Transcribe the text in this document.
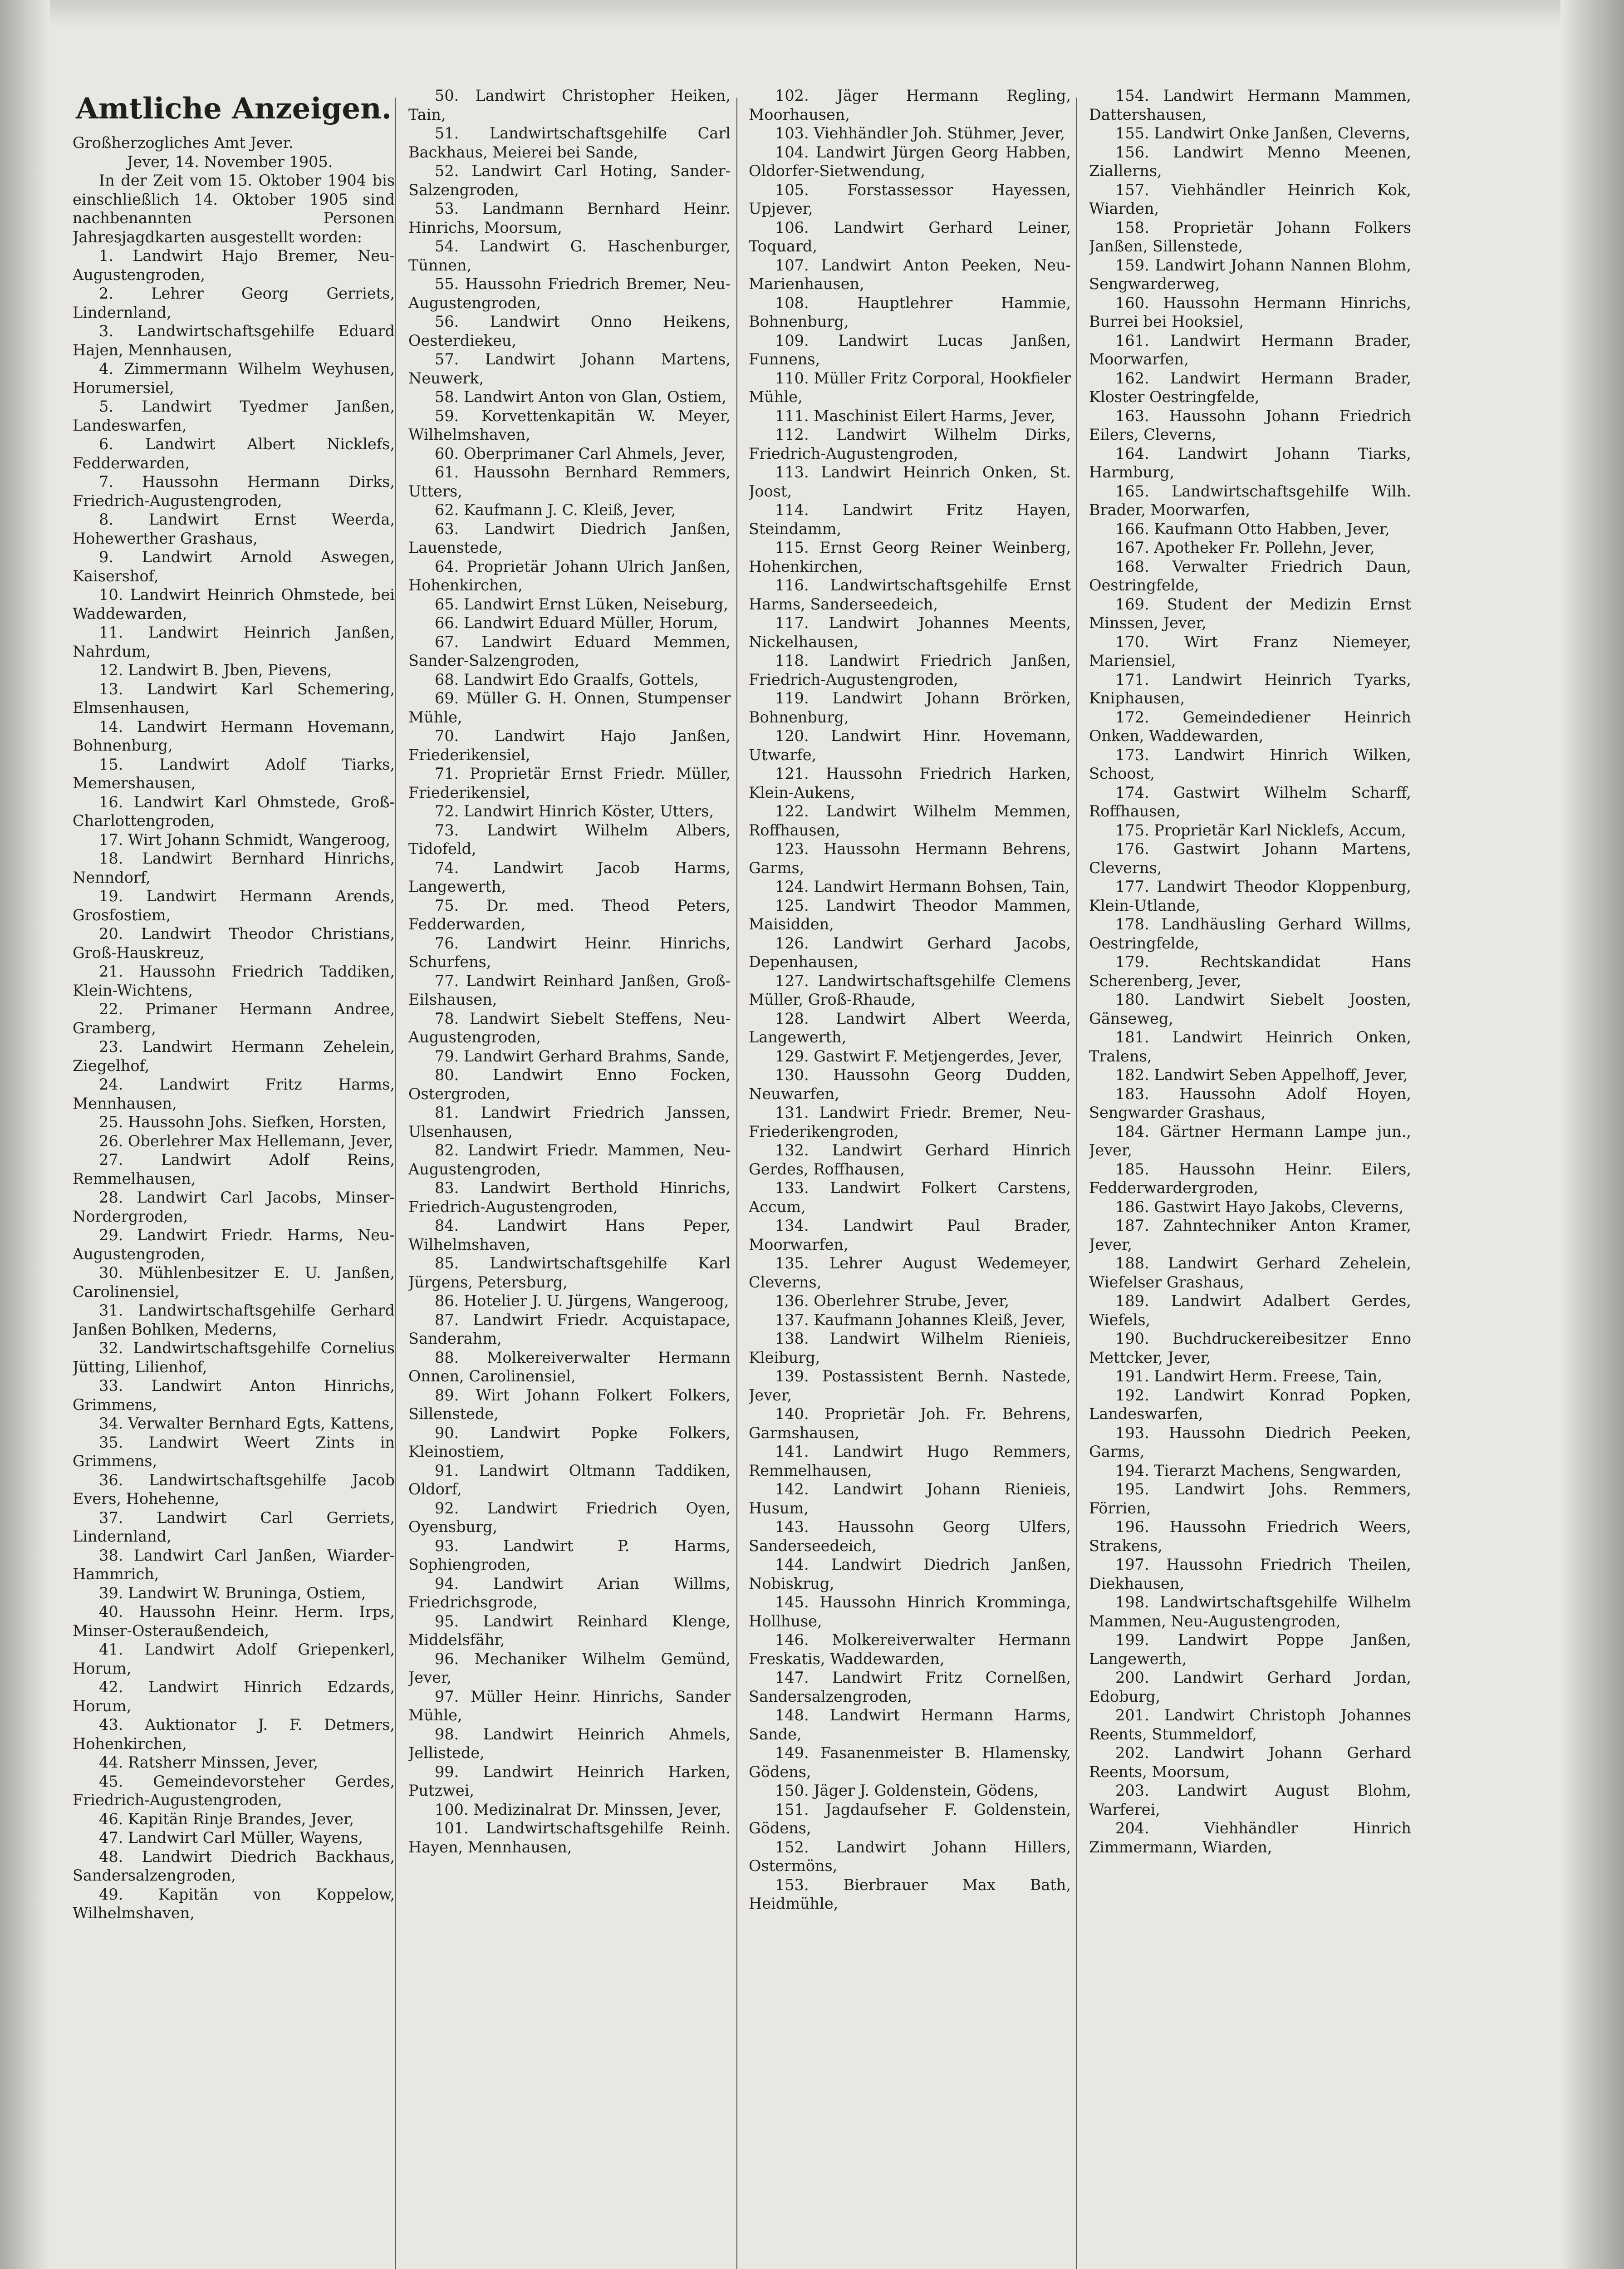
Amtliche Anzeigen.

Großherzogliches Amt Jever.

Jever, 14. November 1905.

In der Zeit vom 15. Oktober 1904 bis einschließlich 14. Oktober 1905 sind nachbenannten Personen Jahresjagdkarten ausgestellt worden:

1. Landwirt Hajo Bremer, Neu-Augustengroden,

2. Lehrer Georg Gerriets, Lindernland,

3. Landwirtschaftsgehilfe Eduard Hajen, Mennhausen,

4. Zimmermann Wilhelm Weyhusen, Horumersiel,

5. Landwirt Tyedmer Janßen, Landeswarfen,

6. Landwirt Albert Nicklefs, Fedderwarden,

7. Haussohn Hermann Dirks, Friedrich-Augustengroden,

8. Landwirt Ernst Weerda, Hohewerther Grashaus,

9. Landwirt Arnold Aswegen, Kaisershof,

10. Landwirt Heinrich Ohmstede, bei Waddewarden,

11. Landwirt Heinrich Janßen, Nahrdum,

12. Landwirt B. Jben, Pievens,

13. Landwirt Karl Schemering, Elmsenhausen,

14. Landwirt Hermann Hovemann, Bohnenburg,

15. Landwirt Adolf Tiarks, Memershausen,

16. Landwirt Karl Ohmstede, Groß-Charlottengroden,

17. Wirt Johann Schmidt, Wangeroog,

18. Landwirt Bernhard Hinrichs, Nenndorf,

19. Landwirt Hermann Arends, Grosfostiem,

20. Landwirt Theodor Christians, Groß-Hauskreuz,

21. Haussohn Friedrich Taddiken, Klein-Wichtens,

22. Primaner Hermann Andree, Gramberg,

23. Landwirt Hermann Zehelein, Ziegelhof,

24. Landwirt Fritz Harms, Mennhausen,

25. Haussohn Johs. Siefken, Horsten,

26. Oberlehrer Max Hellemann, Jever,

27. Landwirt Adolf Reins, Remmelhausen,

28. Landwirt Carl Jacobs, Minser-Nordergroden,

29. Landwirt Friedr. Harms, Neu-Augustengroden,

30. Mühlenbesitzer E. U. Janßen, Carolinensiel,

31. Landwirtschaftsgehilfe Gerhard Janßen Bohlken, Mederns,

32. Landwirtschaftsgehilfe Cornelius Jütting, Lilienhof,

33. Landwirt Anton Hinrichs, Grimmens,

34. Verwalter Bernhard Egts, Kattens,

35. Landwirt Weert Zints in Grimmens,

36. Landwirtschaftsgehilfe Jacob Evers, Hohehenne,

37. Landwirt Carl Gerriets, Lindernland,

38. Landwirt Carl Janßen, Wiarder-Hammrich,

39. Landwirt W. Bruninga, Ostiem,

40. Haussohn Heinr. Herm. Irps, Minser-Osteraußendeich,

41. Landwirt Adolf Griepenkerl, Horum,

42. Landwirt Hinrich Edzards, Horum,

43. Auktionator J. F. Detmers, Hohenkirchen,

44. Ratsherr Minssen, Jever,

45. Gemeindevorsteher Gerdes, Friedrich-Augustengroden,

46. Kapitän Rinje Brandes, Jever,

47. Landwirt Carl Müller, Wayens,

48. Landwirt Diedrich Backhaus, Sandersalzengroden,

49. Kapitän von Koppelow, Wilhelmshaven,

50. Landwirt Christopher Heiken, Tain,

51. Landwirtschaftsgehilfe Carl Backhaus, Meierei bei Sande,

52. Landwirt Carl Hoting, Sander-Salzengroden,

53. Landmann Bernhard Heinr. Hinrichs, Moorsum,

54. Landwirt G. Haschenburger, Tünnen,

55. Haussohn Friedrich Bremer, Neu-Augustengroden,

56. Landwirt Onno Heikens, Oesterdiekeu,

57. Landwirt Johann Martens, Neuwerk,

58. Landwirt Anton von Glan, Ostiem,

59. Korvettenkapitän W. Meyer, Wilhelmshaven,

60. Oberprimaner Carl Ahmels, Jever,

61. Haussohn Bernhard Remmers, Utters,

62. Kaufmann J. C. Kleiß, Jever,

63. Landwirt Diedrich Janßen, Lauenstede,

64. Proprietär Johann Ulrich Janßen, Hohenkirchen,

65. Landwirt Ernst Lüken, Neiseburg,

66. Landwirt Eduard Müller, Horum,

67. Landwirt Eduard Memmen, Sander-Salzengroden,

68. Landwirt Edo Graalfs, Gottels,

69. Müller G. H. Onnen, Stumpenser Mühle,

70. Landwirt Hajo Janßen, Friederikensiel,

71. Proprietär Ernst Friedr. Müller, Friederikensiel,

72. Landwirt Hinrich Köster, Utters,

73. Landwirt Wilhelm Albers, Tidofeld,

74. Landwirt Jacob Harms, Langewerth,

75. Dr. med. Theod Peters, Fedderwarden,

76. Landwirt Heinr. Hinrichs, Schurfens,

77. Landwirt Reinhard Janßen, Groß-Eilshausen,

78. Landwirt Siebelt Steffens, Neu-Augustengroden,

79. Landwirt Gerhard Brahms, Sande,

80. Landwirt Enno Focken, Ostergroden,

81. Landwirt Friedrich Janssen, Ulsenhausen,

82. Landwirt Friedr. Mammen, Neu-Augustengroden,

83. Landwirt Berthold Hinrichs, Friedrich-Augustengroden,

84. Landwirt Hans Peper, Wilhelmshaven,

85. Landwirtschaftsgehilfe Karl Jürgens, Petersburg,

86. Hotelier J. U. Jürgens, Wangeroog,

87. Landwirt Friedr. Acquistapace, Sanderahm,

88. Molkereiverwalter Hermann Onnen, Carolinensiel,

89. Wirt Johann Folkert Folkers, Sillenstede,

90. Landwirt Popke Folkers, Kleinostiem,

91. Landwirt Oltmann Taddiken, Oldorf,

92. Landwirt Friedrich Oyen, Oyensburg,

93. Landwirt P. Harms, Sophiengroden,

94. Landwirt Arian Willms, Friedrichsgrode,

95. Landwirt Reinhard Klenge, Middelsfähr,

96. Mechaniker Wilhelm Gemünd, Jever,

97. Müller Heinr. Hinrichs, Sander Mühle,

98. Landwirt Heinrich Ahmels, Jellistede,

99. Landwirt Heinrich Harken, Putzwei,

100. Medizinalrat Dr. Minssen, Jever,

101. Landwirtschaftsgehilfe Reinh. Hayen, Mennhausen,

102. Jäger Hermann Regling, Moorhausen,

103. Viehhändler Joh. Stühmer, Jever,

104. Landwirt Jürgen Georg Habben, Oldorfer-Sietwendung,

105. Forstassessor Hayessen, Upjever,

106. Landwirt Gerhard Leiner, Toquard,

107. Landwirt Anton Peeken, Neu-Marienhausen,

108. Hauptlehrer Hammie, Bohnenburg,

109. Landwirt Lucas Janßen, Funnens,

110. Müller Fritz Corporal, Hookfieler Mühle,

111. Maschinist Eilert Harms, Jever,

112. Landwirt Wilhelm Dirks, Friedrich-Augustengroden,

113. Landwirt Heinrich Onken, St. Joost,

114. Landwirt Fritz Hayen, Steindamm,

115. Ernst Georg Reiner Weinberg, Hohenkirchen,

116. Landwirtschaftsgehilfe Ernst Harms, Sanderseedeich,

117. Landwirt Johannes Meents, Nickelhausen,

118. Landwirt Friedrich Janßen, Friedrich-Augustengroden,

119. Landwirt Johann Brörken, Bohnenburg,

120. Landwirt Hinr. Hovemann, Utwarfe,

121. Haussohn Friedrich Harken, Klein-Aukens,

122. Landwirt Wilhelm Memmen, Roffhausen,

123. Haussohn Hermann Behrens, Garms,

124. Landwirt Hermann Bohsen, Tain,

125. Landwirt Theodor Mammen, Maisidden,

126. Landwirt Gerhard Jacobs, Depenhausen,

127. Landwirtschaftsgehilfe Clemens Müller, Groß-Rhaude,

128. Landwirt Albert Weerda, Langewerth,

129. Gastwirt F. Metjengerdes, Jever,

130. Haussohn Georg Dudden, Neuwarfen,

131. Landwirt Friedr. Bremer, Neu-Friederikengroden,

132. Landwirt Gerhard Hinrich Gerdes, Roffhausen,

133. Landwirt Folkert Carstens, Accum,

134. Landwirt Paul Brader, Moorwarfen,

135. Lehrer August Wedemeyer, Cleverns,

136. Oberlehrer Strube, Jever,

137. Kaufmann Johannes Kleiß, Jever,

138. Landwirt Wilhelm Rienieis, Kleiburg,

139. Postassistent Bernh. Nastede, Jever,

140. Proprietär Joh. Fr. Behrens, Garmshausen,

141. Landwirt Hugo Remmers, Remmelhausen,

142. Landwirt Johann Rienieis, Husum,

143. Haussohn Georg Ulfers, Sanderseedeich,

144. Landwirt Diedrich Janßen, Nobiskrug,

145. Haussohn Hinrich Kromminga, Hollhuse,

146. Molkereiverwalter Hermann Freskatis, Waddewarden,

147. Landwirt Fritz Cornelßen, Sandersalzengroden,

148. Landwirt Hermann Harms, Sande,

149. Fasanenmeister B. Hlamensky, Gödens,

150. Jäger J. Goldenstein, Gödens,

151. Jagdaufseher F. Goldenstein, Gödens,

152. Landwirt Johann Hillers, Ostermöns,

153. Bierbrauer Max Bath, Heidmühle,

154. Landwirt Hermann Mammen, Dattershausen,

155. Landwirt Onke Janßen, Cleverns,

156. Landwirt Menno Meenen, Ziallerns,

157. Viehhändler Heinrich Kok, Wiarden,

158. Proprietär Johann Folkers Janßen, Sillenstede,

159. Landwirt Johann Nannen Blohm, Sengwarderweg,

160. Haussohn Hermann Hinrichs, Burrei bei Hooksiel,

161. Landwirt Hermann Brader, Moorwarfen,

162. Landwirt Hermann Brader, Kloster Oestringfelde,

163. Haussohn Johann Friedrich Eilers, Cleverns,

164. Landwirt Johann Tiarks, Harmburg,

165. Landwirtschaftsgehilfe Wilh. Brader, Moorwarfen,

166. Kaufmann Otto Habben, Jever,

167. Apotheker Fr. Pollehn, Jever,

168. Verwalter Friedrich Daun, Oestringfelde,

169. Student der Medizin Ernst Minssen, Jever,

170. Wirt Franz Niemeyer, Mariensiel,

171. Landwirt Heinrich Tyarks, Kniphausen,

172. Gemeindediener Heinrich Onken, Waddewarden,

173. Landwirt Hinrich Wilken, Schoost,

174. Gastwirt Wilhelm Scharff, Roffhausen,

175. Proprietär Karl Nicklefs, Accum,

176. Gastwirt Johann Martens, Cleverns,

177. Landwirt Theodor Kloppenburg, Klein-Utlande,

178. Landhäusling Gerhard Willms, Oestringfelde,

179. Rechtskandidat Hans Scherenberg, Jever,

180. Landwirt Siebelt Joosten, Gänseweg,

181. Landwirt Heinrich Onken, Tralens,

182. Landwirt Seben Appelhoff, Jever,

183. Haussohn Adolf Hoyen, Sengwarder Grashaus,

184. Gärtner Hermann Lampe jun., Jever,

185. Haussohn Heinr. Eilers, Fedderwardergroden,

186. Gastwirt Hayo Jakobs, Cleverns,

187. Zahntechniker Anton Kramer, Jever,

188. Landwirt Gerhard Zehelein, Wiefelser Grashaus,

189. Landwirt Adalbert Gerdes, Wiefels,

190. Buchdruckereibesitzer Enno Mettcker, Jever,

191. Landwirt Herm. Freese, Tain,

192. Landwirt Konrad Popken, Landeswarfen,

193. Haussohn Diedrich Peeken, Garms,

194. Tierarzt Machens, Sengwarden,

195. Landwirt Johs. Remmers, Förrien,

196. Haussohn Friedrich Weers, Strakens,

197. Haussohn Friedrich Theilen, Diekhausen,

198. Landwirtschaftsgehilfe Wilhelm Mammen, Neu-Augustengroden,

199. Landwirt Poppe Janßen, Langewerth,

200. Landwirt Gerhard Jordan, Edoburg,

201. Landwirt Christoph Johannes Reents, Stummeldorf,

202. Landwirt Johann Gerhard Reents, Moorsum,

203. Landwirt August Blohm, Warferei,

204. Viehhändler Hinrich Zimmermann, Wiarden,
